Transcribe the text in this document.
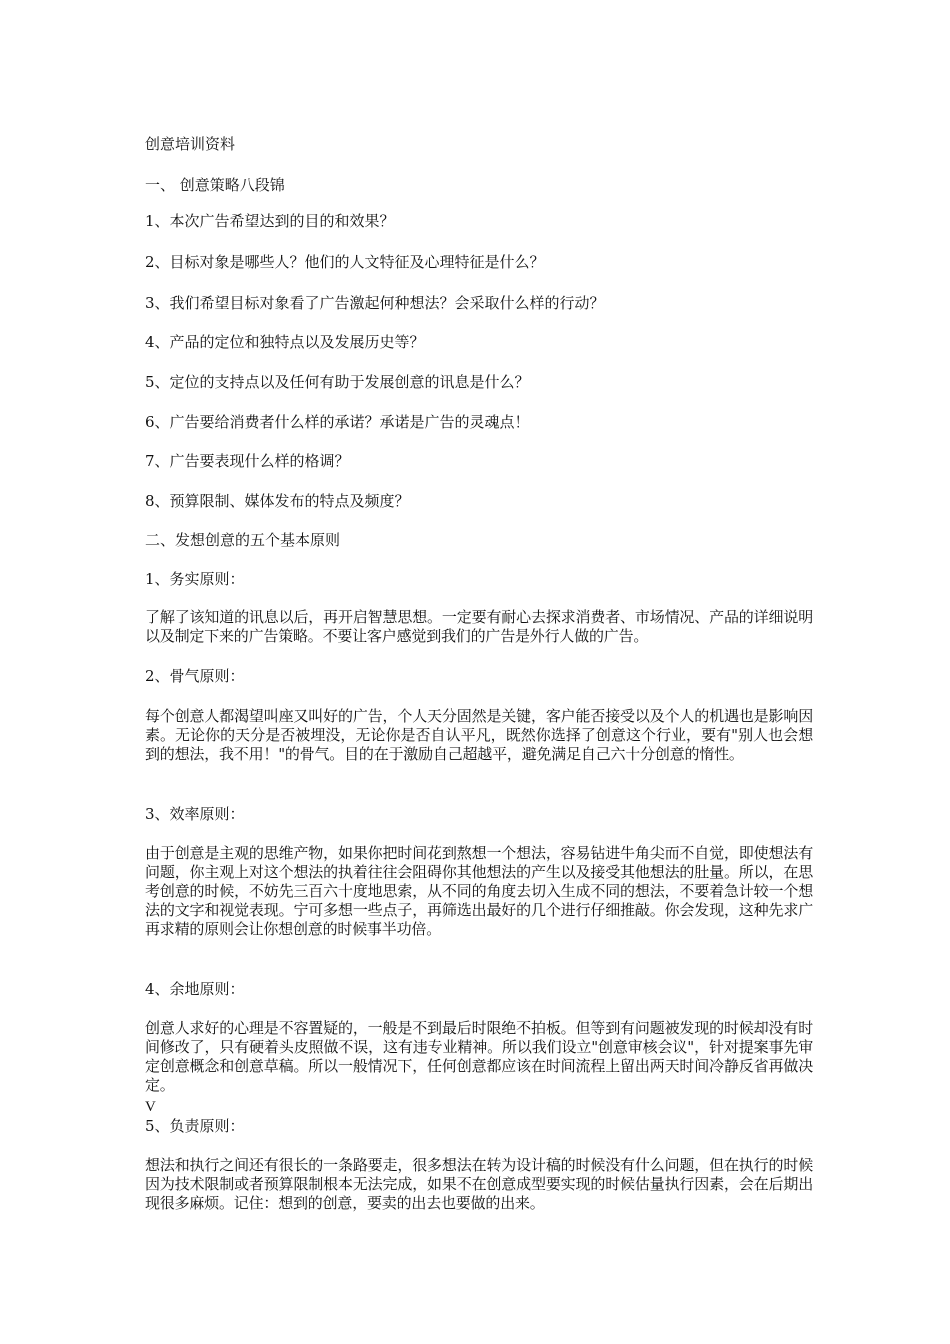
创意培训资料
一、 创意策略八段锦
1、本次广告希望达到的目的和效果？
2、目标对象是哪些人？他们的人文特征及心理特征是什么？
3、我们希望目标对象看了广告激起何种想法？会采取什么样的行动？
4、产品的定位和独特点以及发展历史等？
5、定位的支持点以及任何有助于发展创意的讯息是什么？
6、广告要给消费者什么样的承诺？承诺是广告的灵魂点！
7、广告要表现什么样的格调？
8、预算限制、媒体发布的特点及频度？
二、发想创意的五个基本原则
1、务实原则：
了解了该知道的讯息以后，再开启智慧思想。一定要有耐心去探求消费者、市场情况、产品的详细说明以及制定下来的广告策略。不要让客户感觉到我们的广告是外行人做的广告。
2、骨气原则：
每个创意人都渴望叫座又叫好的广告，个人天分固然是关键，客户能否接受以及个人的机遇也是影响因素。无论你的天分是否被埋没，无论你是否自认平凡，既然你选择了创意这个行业，要有"别人也会想到的想法，我不用！"的骨气。目的在于激励自己超越平，避免满足自己六十分创意的惰性。
3、效率原则：
由于创意是主观的思维产物，如果你把时间花到熬想一个想法，容易钻进牛角尖而不自觉，即使想法有问题，你主观上对这个想法的执着往往会阻碍你其他想法的产生以及接受其他想法的肚量。所以，在思考创意的时候，不妨先三百六十度地思索，从不同的角度去切入生成不同的想法，不要着急计较一个想法的文字和视觉表现。宁可多想一些点子，再筛选出最好的几个进行仔细推敲。你会发现，这种先求广再求精的原则会让你想创意的时候事半功倍。
4、余地原则：
创意人求好的心理是不容置疑的，一般是不到最后时限绝不拍板。但等到有问题被发现的时候却没有时间修改了，只有硬着头皮照做不误，这有违专业精神。所以我们设立"创意审核会议"，针对提案事先审定创意概念和创意草稿。所以一般情况下，任何创意都应该在时间流程上留出两天时间冷静反省再做决定。
V
5、负责原则：
想法和执行之间还有很长的一条路要走，很多想法在转为设计稿的时候没有什么问题，但在执行的时候因为技术限制或者预算限制根本无法完成，如果不在创意成型要实现的时候估量执行因素，会在后期出现很多麻烦。记住：想到的创意，要卖的出去也要做的出来。
